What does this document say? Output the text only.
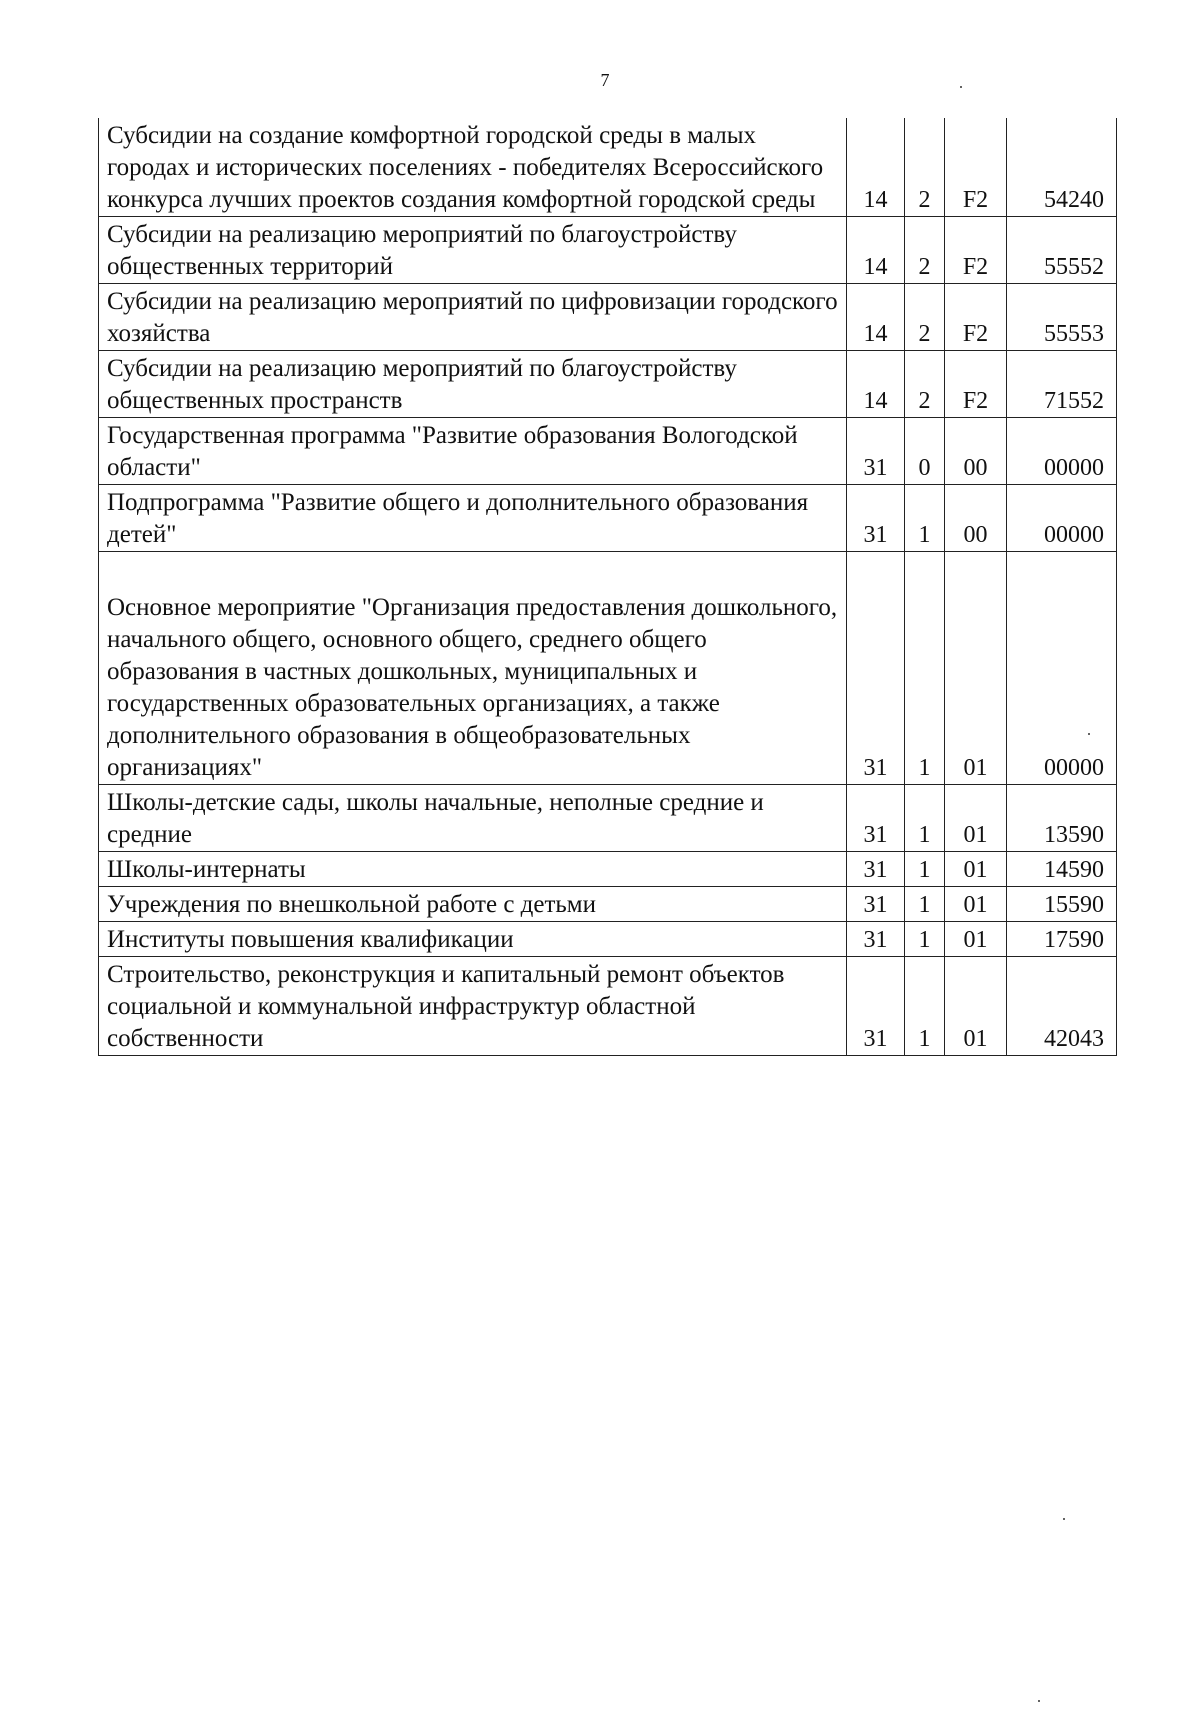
7
Субсидии на создание комфортной городской среды в малых городах и исторических поселениях - победителях Всероссийского конкурса лучших проектов создания комфортной городской среды	14	2	F2	54240
Субсидии на реализацию мероприятий по благоустройству общественных территорий	14	2	F2	55552
Субсидии на реализацию мероприятий по цифровизации городского хозяйства	14	2	F2	55553
Субсидии на реализацию мероприятий по благоустройству общественных пространств	14	2	F2	71552
Государственная программа "Развитие образования Вологодской области"	31	0	00	00000
Подпрограмма "Развитие общего и дополнительного образования детей"	31	1	00	00000
Основное мероприятие "Организация предоставления дошкольного, начального общего, основного общего, среднего общего образования в частных дошкольных, муниципальных и государственных образовательных организациях, а также дополнительного образования в общеобразовательных организациях"	31	1	01	00000
Школы-детские сады, школы начальные, неполные средние и средние	31	1	01	13590
Школы-интернаты	31	1	01	14590
Учреждения по внешкольной работе с детьми	31	1	01	15590
Институты повышения квалификации	31	1	01	17590
Строительство, реконструкция и капитальный ремонт объектов социальной и коммунальной инфраструктур областной собственности	31	1	01	42043
